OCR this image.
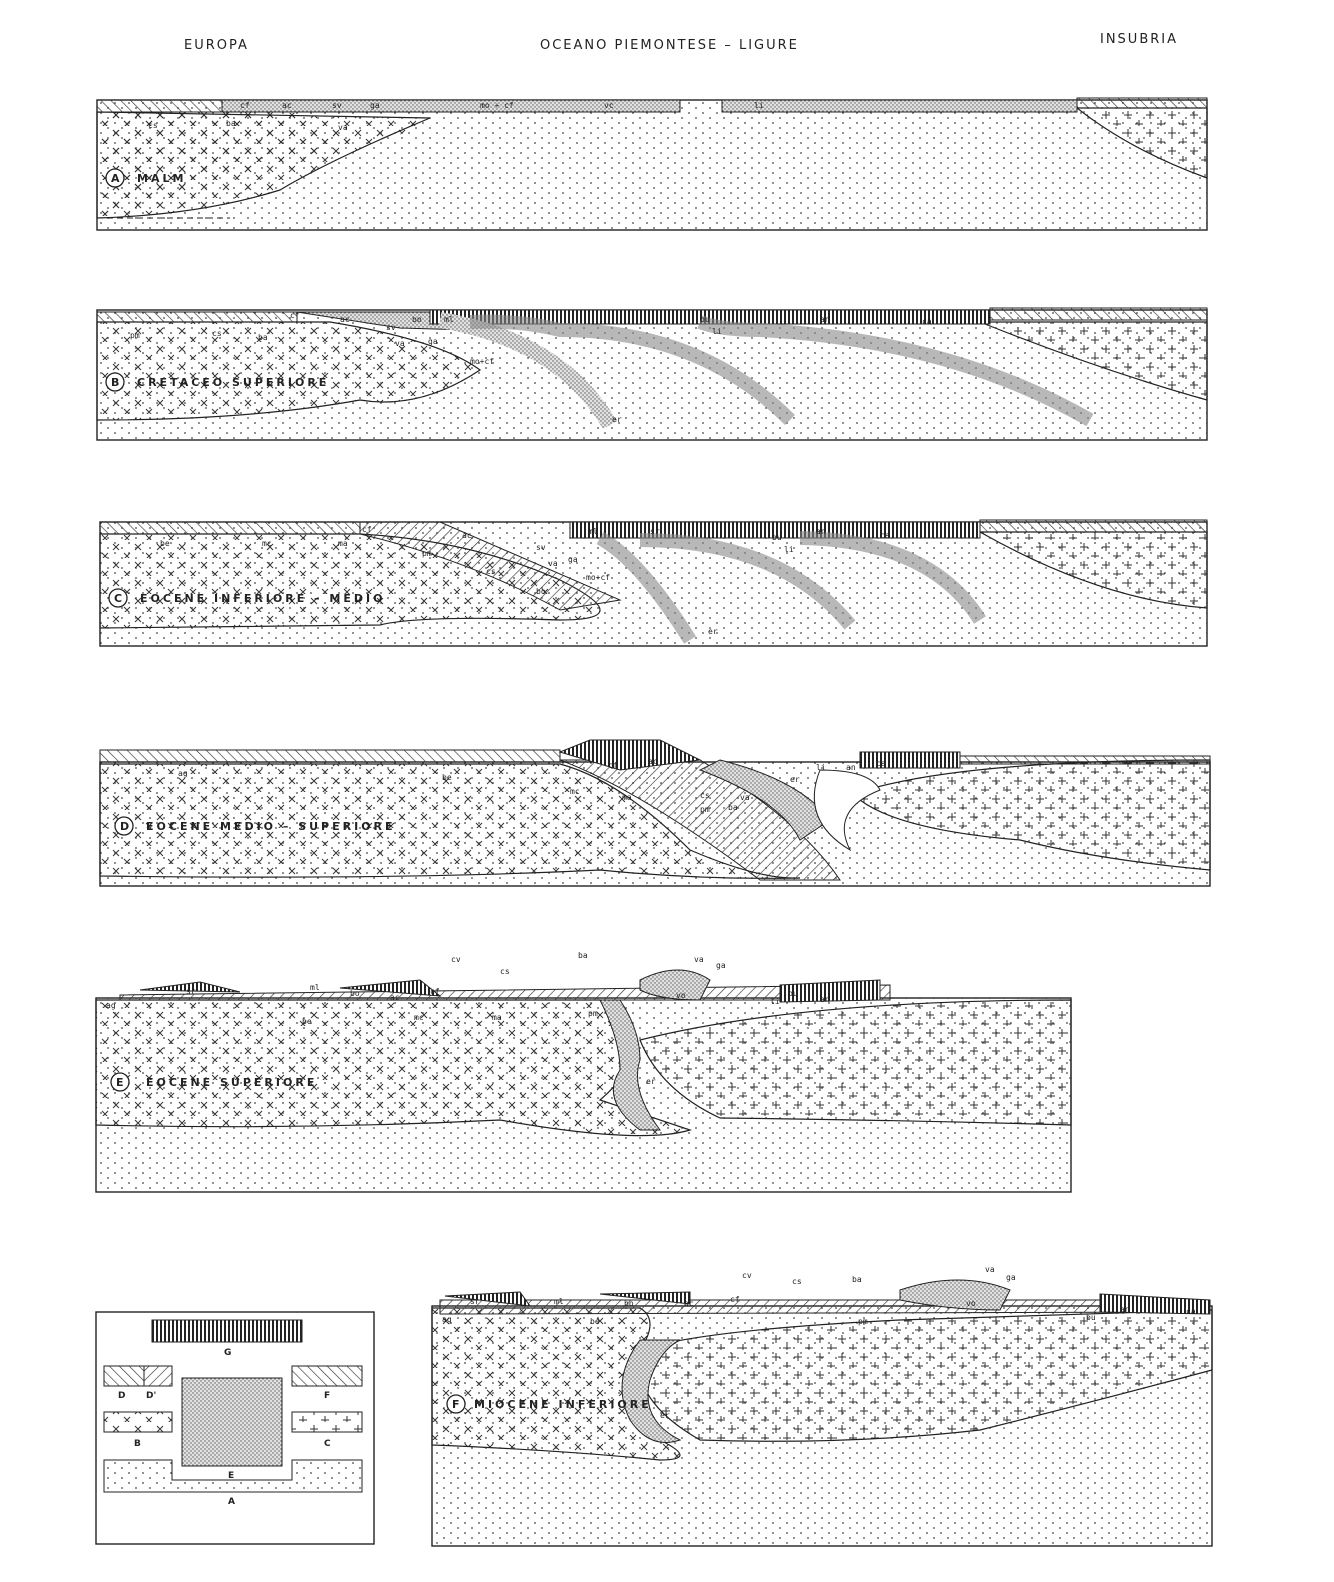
EUROPA	OCEANO PIEMONTESE – LIGURE	INSUBRIA
A MALM
cs	ba
cf	ac	sv	ga
va
mo + cf	vc	li
B CRETACEO SUPERIORE
pm	cs	ba
cf	ac
sv
bo	ml
va	ga
mo+cf
er
bu
li
an	ca
C EOCENE INFERIORE – MEDIO
be	mc	ma
cf
pm
ac
cs
sv
va ga
mo+cf
bo
ml	sr
bu
li
an	ca
er
D EOCENE MEDIO – SUPERIORE
ag	be
mc
ma	cs
pm ba
va
cf	ac
li	an	ca
er
E EOCENE SUPERIORE
cv
cs
ba	va
ga
ag
sr	ml
bo	ac
cf
be	mc	ma	pm
vo
er
bu
an
li
G
D D'	F
B	C
E
A
F MIOCENE INFERIORE
cv
cs	ba
va
ga
ag
sr	ml	bo	ac	cf
pm
vo
er
bu
an	ca
be
